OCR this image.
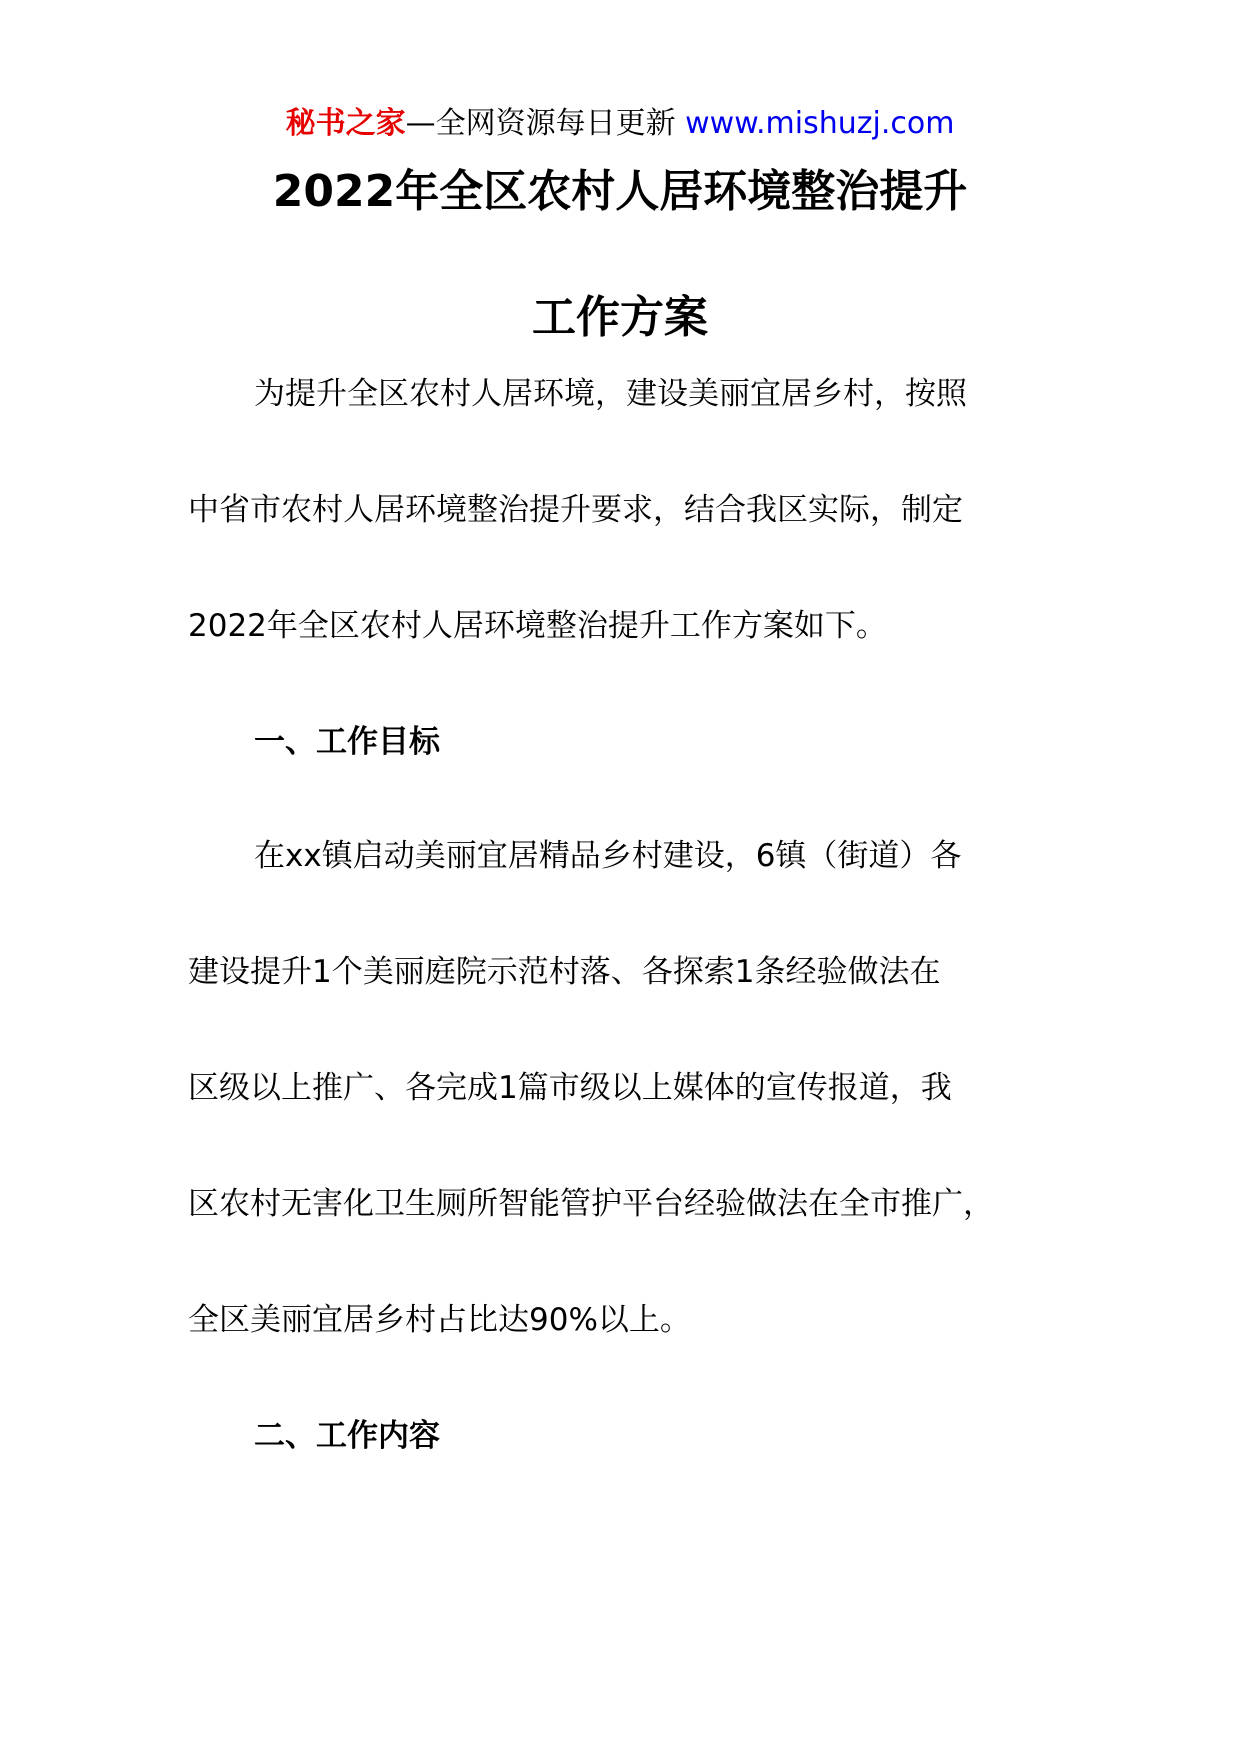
秘书之家—全网资源每日更新 www.mishuzj.com
2022年全区农村人居环境整治提升
工作方案
为提升全区农村人居环境，建设美丽宜居乡村，按照
中省市农村人居环境整治提升要求，结合我区实际，制定
2022年全区农村人居环境整治提升工作方案如下。
一、工作目标
在xx镇启动美丽宜居精品乡村建设，6镇（街道）各
建设提升1个美丽庭院示范村落、各探索1条经验做法在
区级以上推广、各完成1篇市级以上媒体的宣传报道，我
区农村无害化卫生厕所智能管护平台经验做法在全市推广，
全区美丽宜居乡村占比达90%以上。
二、工作内容
